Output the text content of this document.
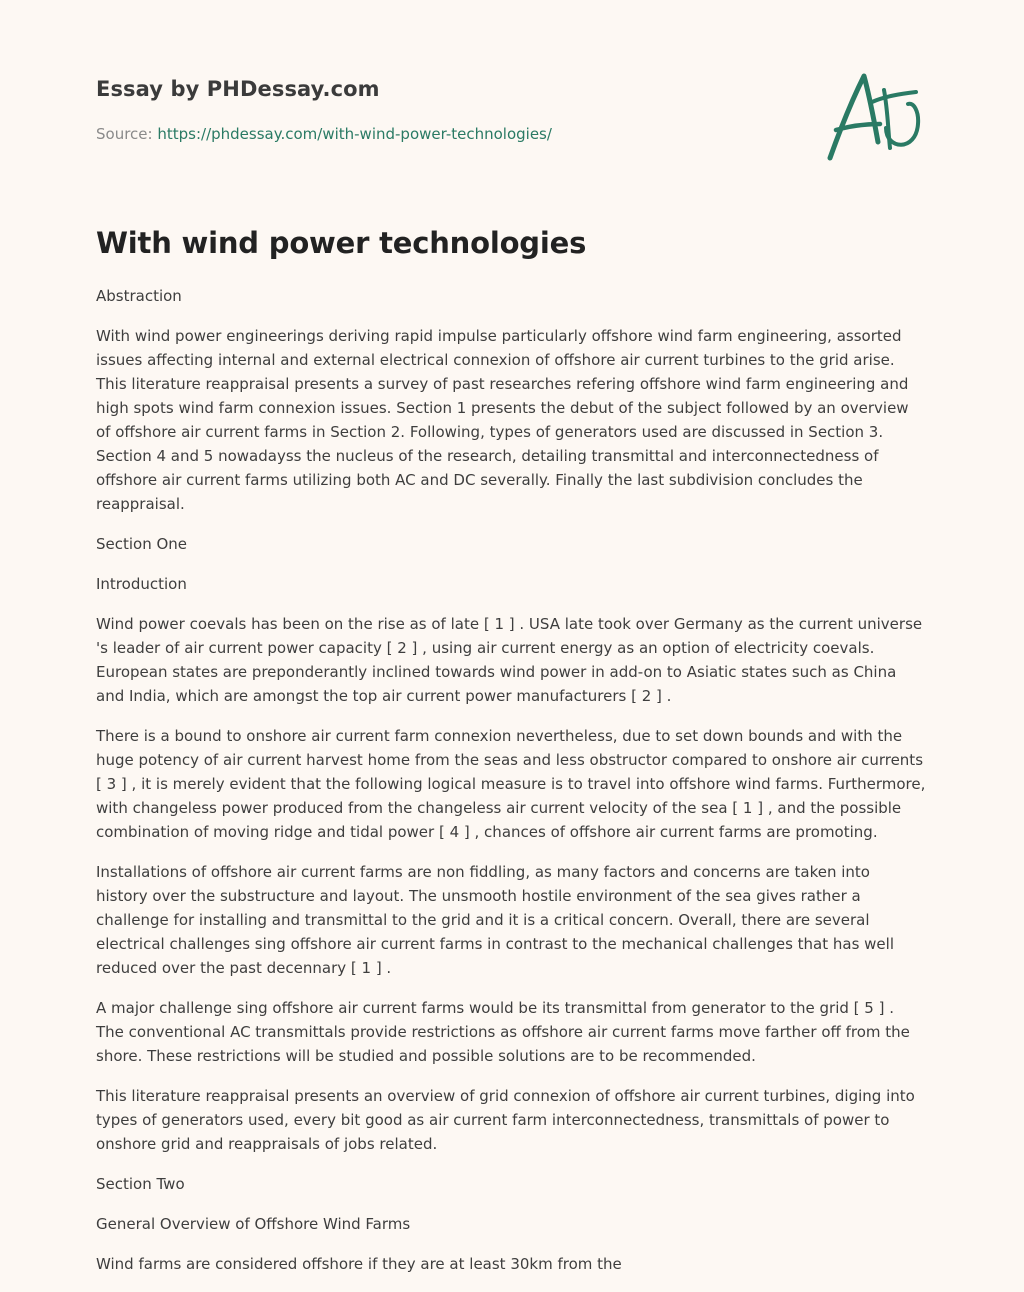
Essay by PHDessay.com
Source: https://phdessay.com/with-wind-power-technologies/
With wind power technologies

Abstraction

With wind power engineerings deriving rapid impulse particularly offshore wind farm engineering, assorted issues affecting internal and external electrical connexion of offshore air current turbines to the grid arise. This literature reappraisal presents a survey of past researches refering offshore wind farm engineering and high spots wind farm connexion issues. Section 1 presents the debut of the subject followed by an overview of offshore air current farms in Section 2. Following, types of generators used are discussed in Section 3. Section 4 and 5 nowadayss the nucleus of the research, detailing transmittal and interconnectedness of offshore air current farms utilizing both AC and DC severally. Finally the last subdivision concludes the reappraisal.

Section One

Introduction

Wind power coevals has been on the rise as of late [ 1 ] . USA late took over Germany as the current universe 's leader of air current power capacity [ 2 ] , using air current energy as an option of electricity coevals. European states are preponderantly inclined towards wind power in add-on to Asiatic states such as China and India, which are amongst the top air current power manufacturers [ 2 ] .

There is a bound to onshore air current farm connexion nevertheless, due to set down bounds and with the huge potency of air current harvest home from the seas and less obstructor compared to onshore air currents [ 3 ] , it is merely evident that the following logical measure is to travel into offshore wind farms. Furthermore, with changeless power produced from the changeless air current velocity of the sea [ 1 ] , and the possible combination of moving ridge and tidal power [ 4 ] , chances of offshore air current farms are promoting.

Installations of offshore air current farms are non fiddling, as many factors and concerns are taken into history over the substructure and layout. The unsmooth hostile environment of the sea gives rather a challenge for installing and transmittal to the grid and it is a critical concern. Overall, there are several electrical challenges sing offshore air current farms in contrast to the mechanical challenges that has well reduced over the past decennary [ 1 ] .

A major challenge sing offshore air current farms would be its transmittal from generator to the grid [ 5 ] . The conventional AC transmittals provide restrictions as offshore air current farms move farther off from the shore. These restrictions will be studied and possible solutions are to be recommended.

This literature reappraisal presents an overview of grid connexion of offshore air current turbines, diging into types of generators used, every bit good as air current farm interconnectedness, transmittals of power to onshore grid and reappraisals of jobs related.

Section Two

General Overview of Offshore Wind Farms

Wind farms are considered offshore if they are at least 30km from the
